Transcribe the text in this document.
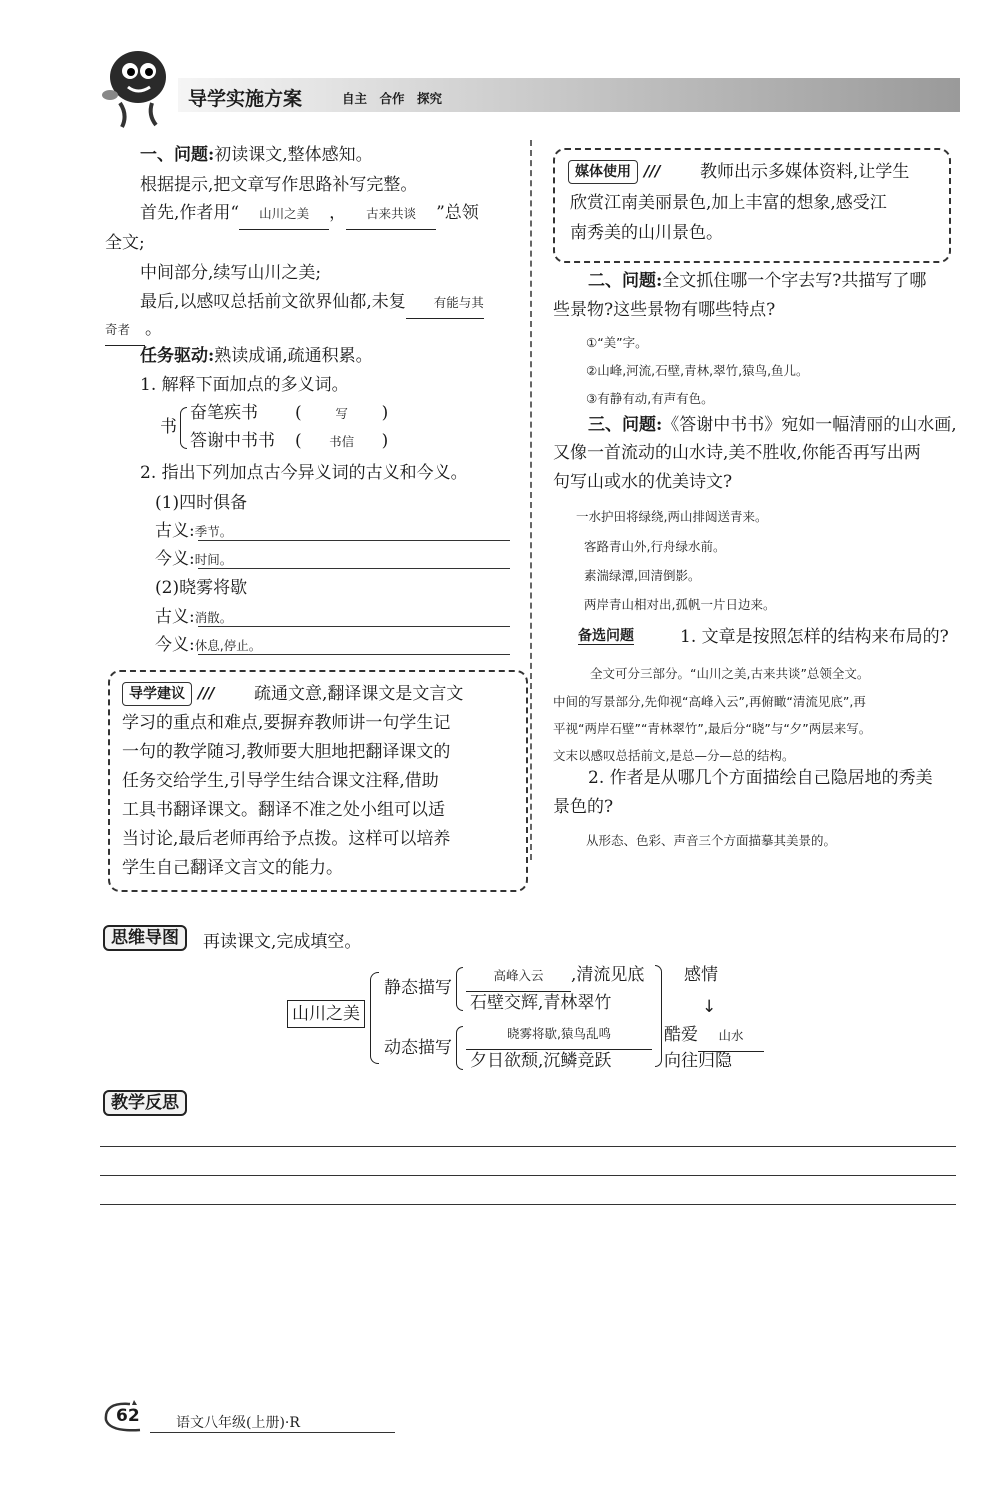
导学实施方案	自主　合作　探究
一、问题:初读课文,整体感知。
根据提示,把文章写作思路补写完整。
首先,作者用“ 山川之美 ， 古来共谈 ”总领
全文;
中间部分,续写山川之美;
最后,以感叹总括前文欲界仙都,未复 有能与其
奇者 。
任务驱动:熟读成诵,疏通积累。
1. 解释下面加点的多义词。
书
奋笔疾书 (	写 )
答谢中书书 ( 书信 )
2. 指出下列加点古今异义词的古义和今义。
(1)四时俱备
古义:季节。
今义:时间。
(2)晓雾将歇
古义:消散。
今义:休息,停止。
导学建议 /// 疏通文意,翻译课文是文言文
学习的重点和难点,要摒弃教师讲一句学生记
一句的教学随习,教师要大胆地把翻译课文的
任务交给学生,引导学生结合课文注释,借助
工具书翻译课文。翻译不准之处小组可以适
当讨论,最后老师再给予点拨。这样可以培养
学生自己翻译文言文的能力。
媒体使用 /// 教师出示多媒体资料,让学生
欣赏江南美丽景色,加上丰富的想象,感受江
南秀美的山川景色。
二、问题:全文抓住哪一个字去写?共描写了哪
些景物?这些景物有哪些特点?
①“美”字。
②山峰,河流,石壁,青林,翠竹,猿鸟,鱼儿。
③有静有动,有声有色。
三、问题:《答谢中书书》宛如一幅清丽的山水画,
又像一首流动的山水诗,美不胜收,你能否再写出两
句写山或水的优美诗文?
一水护田将绿绕,两山排闼送青来。
客路青山外,行舟绿水前。
素湍绿潭,回清倒影。
两岸青山相对出,孤帆一片日边来。
备选问题	1. 文章是按照怎样的结构来布局的?
全文可分三部分。“山川之美,古来共谈”总领全文。
中间的写景部分,先仰视“高峰入云”,再俯瞰“清流见底”,再
平视“两岸石壁”“青林翠竹”,最后分“晓”与“夕”两层来写。
文末以感叹总括前文,是总—分—总的结构。
2. 作者是从哪几个方面描绘自己隐居地的秀美
景色的?
从形态、色彩、声音三个方面描摹其美景的。
思维导图	再读课文,完成填空。
山川之美
静态描写
高峰入云 ,清流见底
石壁交辉,青林翠竹
动态描写
晓雾将歇,猿鸟乱鸣
夕日欲颓,沉鳞竞跃
感情
↓
酷爱 山水
向往归隐
教学反思
62	语文八年级(上册)·R
